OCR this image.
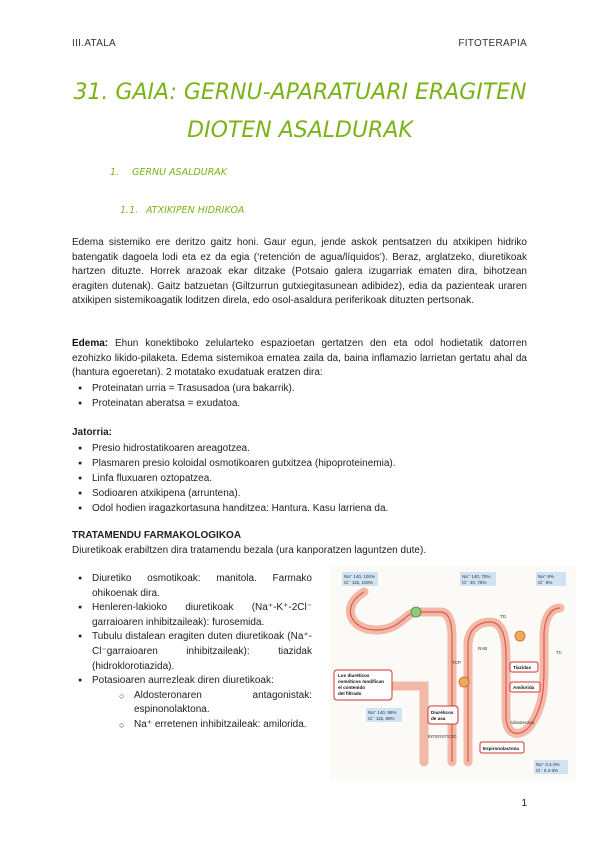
III.ATALA	FITOTERAPIA
31. GAIA: GERNU-APARATUARI ERAGITEN
DIOTEN ASALDURAK
1. GERNU ASALDURAK
1.1. ATXIKIPEN HIDRIKOA
Edema sistemiko ere deritzo gaitz honi. Gaur egun, jende askok pentsatzen du atxikipen hidriko batengatik dagoela lodi eta ez da egia (‘retención de agua/líquidos’). Beraz, arglatzeko, diuretikoak hartzen dituzte. Horrek arazoak ekar ditzake (Potsaio galera izugarriak ematen dira, bihotzean eragiten dutenak). Gaitz batzuetan (Giltzurrun gutxiegitasunean adibidez), edia da pazienteak uraren atxikipen sistemikoagatik loditzen direla, edo osol-asaldura periferikoak dituzten pertsonak.
Edema: Ehun konektiboko zelularteko espazioetan gertatzen den eta odol hodietatik datorren ezohizko likido-pilaketa. Edema sistemikoa ematea zaila da, baina inflamazio larrietan gertatu ahal da (hantura egoeretan). 2 motatako exudatuak eratzen dira:
● Proteinatan urria = Trasusadoa (ura bakarrik).
● Proteinatan aberatsa = exudatoa.
Jatorria:
● Presio hidrostatikoaren areagotzea.
● Plasmaren presio koloidal osmotikoaren gutxitzea (hipoproteinemia).
● Linfa fluxuaren oztopatzea.
● Sodioaren atxikipena (arruntena).
● Odol hodien iragazkortasuna handitzea: Hantura. Kasu larriena da.
TRATAMENDU FARMAKOLOGIKOA
Diuretikoak erabiltzen dira tratamendu bezala (ura kanporatzen laguntzen dute).
● Diuretiko osmotikoak: manitola. Farmako ohikoenak dira.
● Henleren-lakioko diuretikoak (Na⁺-K⁺-2Cl⁻ garraioaren inhibitzaileak): furosemida.
● Tubulu distalean eragiten duten diuretikoak (Na⁺-Cl⁻garraioaren inhibitzaileak): tiazidak (hidroklorotiazida).
● Potasioaren aurrezleak diren diuretikoak:
○ Aldosteronaren antagonistak: espinonolaktona.
○ Na⁺ erretenen inhibitzaileak: amilorida.
Na⁺ 140, 100%
Cl⁻ 115, 100%
Na⁺ 140, 75%
Cl⁻ 40, 75%
Na⁺ 8%
Cl⁻ 8%
Na⁺ 140, 99%
Cl⁻ 115, 99%
Na⁺ 0.4-3%
Cl⁻ 0.4-3%
Los diuréticos
osmóticos modifican
el contenido
del filtrado
Diuréticos
de asa
Tiazidas
Amilorida
Espironolactona
Aldosterona
INTERSTICIO
TCP
TC
TD
RAB
1
